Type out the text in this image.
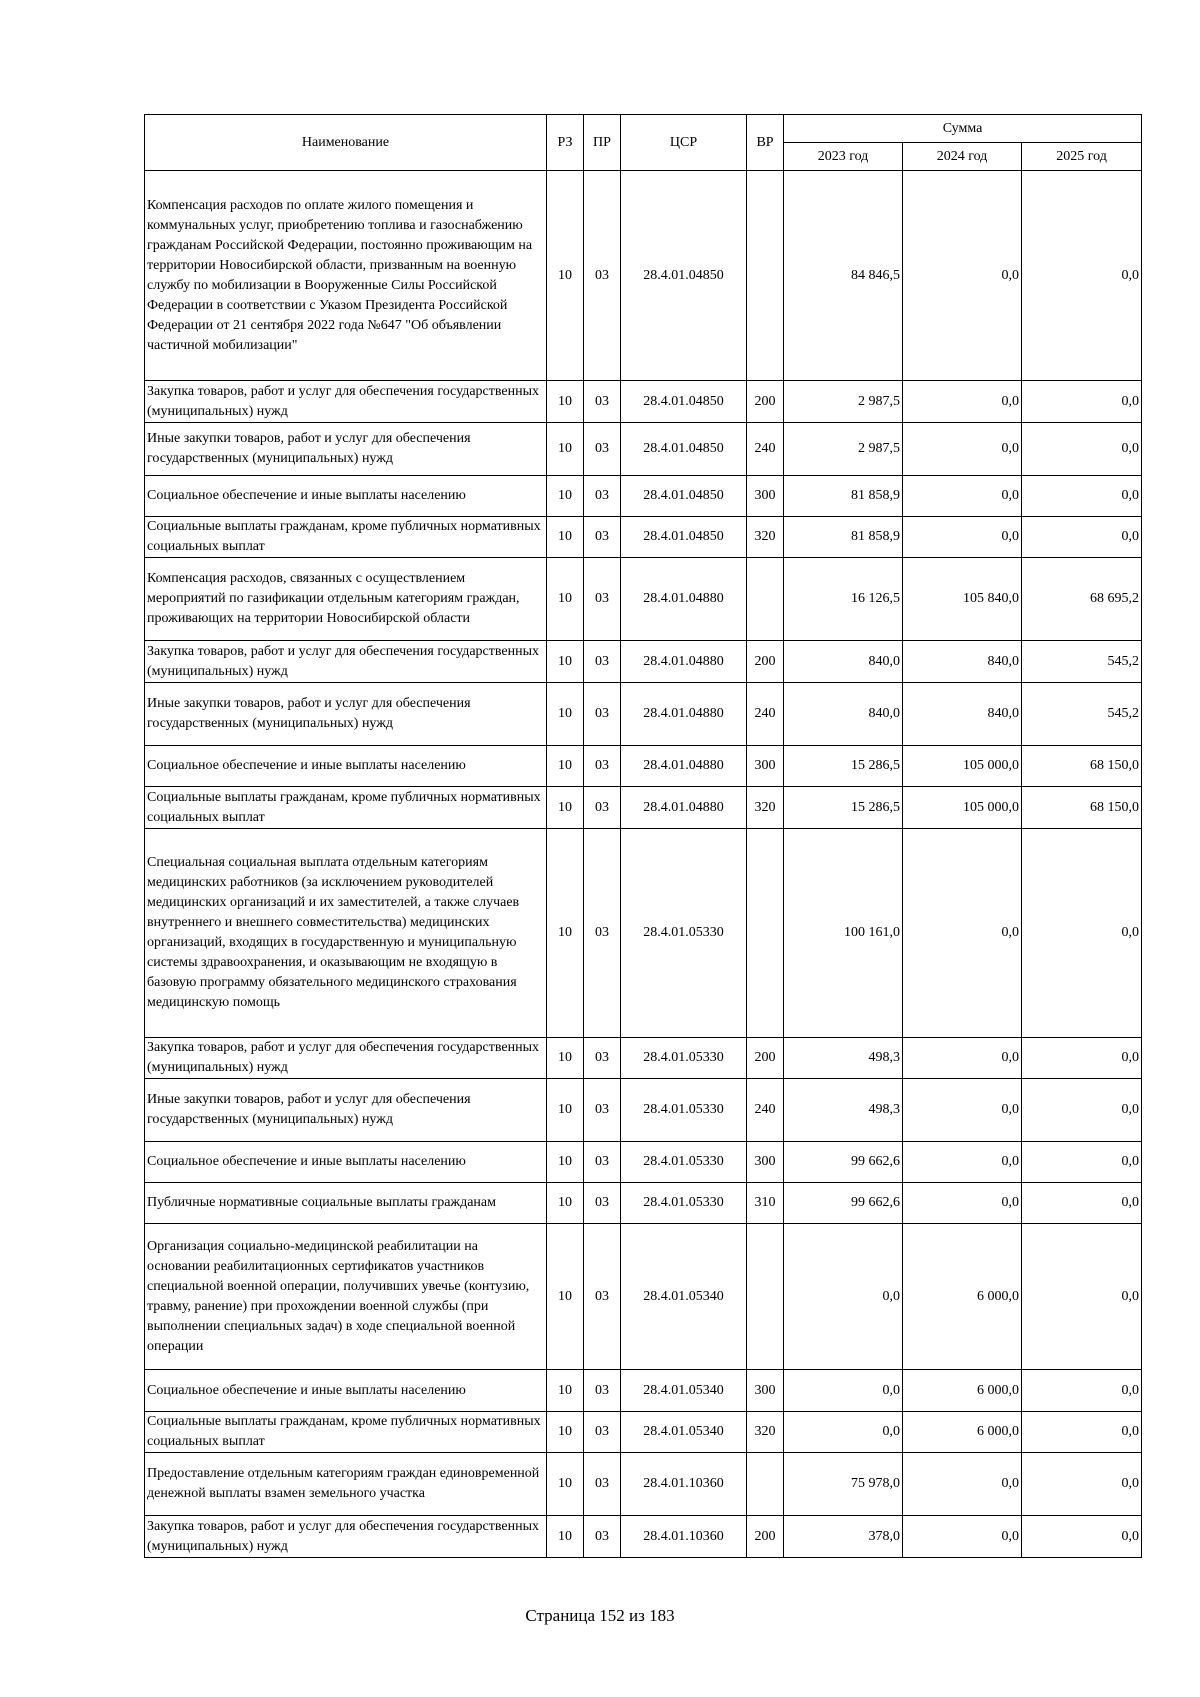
Наименование	РЗ	ПР	ЦСР	ВР	Сумма		
					2023 год	2024 год	2025 год
Компенсация расходов по оплате жилого помещения и коммунальных услуг, приобретению топлива и газоснабжению гражданам Российской Федерации, постоянно проживающим на территории Новосибирской области, призванным на военную службу по мобилизации в Вооруженные Силы Российской Федерации в соответствии с Указом Президента Российской Федерации от 21 сентября 2022 года №647 "Об объявлении частичной мобилизации"	10	03	28.4.01.04850		84 846,5	0,0	0,0
Закупка товаров, работ и услуг для обеспечения государственных (муниципальных) нужд	10	03	28.4.01.04850	200	2 987,5	0,0	0,0
Иные закупки товаров, работ и услуг для обеспечения государственных (муниципальных) нужд	10	03	28.4.01.04850	240	2 987,5	0,0	0,0
Социальное обеспечение и иные выплаты населению	10	03	28.4.01.04850	300	81 858,9	0,0	0,0
Социальные выплаты гражданам, кроме публичных нормативных социальных выплат	10	03	28.4.01.04850	320	81 858,9	0,0	0,0
Компенсация расходов, связанных с осуществлением мероприятий по газификации отдельным категориям граждан, проживающих на территории Новосибирской области	10	03	28.4.01.04880		16 126,5	105 840,0	68 695,2
Закупка товаров, работ и услуг для обеспечения государственных (муниципальных) нужд	10	03	28.4.01.04880	200	840,0	840,0	545,2
Иные закупки товаров, работ и услуг для обеспечения государственных (муниципальных) нужд	10	03	28.4.01.04880	240	840,0	840,0	545,2
Социальное обеспечение и иные выплаты населению	10	03	28.4.01.04880	300	15 286,5	105 000,0	68 150,0
Социальные выплаты гражданам, кроме публичных нормативных социальных выплат	10	03	28.4.01.04880	320	15 286,5	105 000,0	68 150,0
Специальная социальная выплата отдельным категориям медицинских работников (за исключением руководителей медицинских организаций и их заместителей, а также случаев внутреннего и внешнего совместительства) медицинских организаций, входящих в государственную и муниципальную системы здравоохранения, и оказывающим не входящую в базовую программу обязательного медицинского страхования медицинскую помощь	10	03	28.4.01.05330		100 161,0	0,0	0,0
Закупка товаров, работ и услуг для обеспечения государственных (муниципальных) нужд	10	03	28.4.01.05330	200	498,3	0,0	0,0
Иные закупки товаров, работ и услуг для обеспечения государственных (муниципальных) нужд	10	03	28.4.01.05330	240	498,3	0,0	0,0
Социальное обеспечение и иные выплаты населению	10	03	28.4.01.05330	300	99 662,6	0,0	0,0
Публичные нормативные социальные выплаты гражданам	10	03	28.4.01.05330	310	99 662,6	0,0	0,0
Организация социально-медицинской реабилитации на основании реабилитационных сертификатов участников специальной военной операции, получивших увечье (контузию, травму, ранение) при прохождении военной службы (при выполнении специальных задач) в ходе специальной военной операции	10	03	28.4.01.05340		0,0	6 000,0	0,0
Социальное обеспечение и иные выплаты населению	10	03	28.4.01.05340	300	0,0	6 000,0	0,0
Социальные выплаты гражданам, кроме публичных нормативных социальных выплат	10	03	28.4.01.05340	320	0,0	6 000,0	0,0
Предоставление отдельным категориям граждан единовременной денежной выплаты взамен земельного участка	10	03	28.4.01.10360		75 978,0	0,0	0,0
Закупка товаров, работ и услуг для обеспечения государственных (муниципальных) нужд	10	03	28.4.01.10360	200	378,0	0,0	0,0
Страница 152 из 183
